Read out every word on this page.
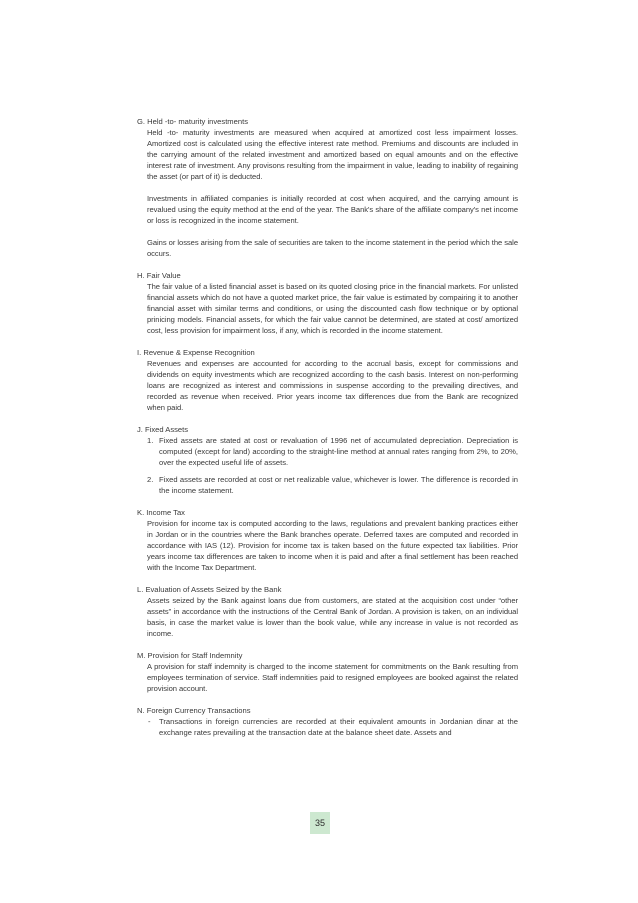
G. Held -to- maturity investments

Held -to- maturity investments are measured when acquired at amortized cost less impairment losses. Amortized cost is calculated using the effective interest rate method. Premiums and discounts are included in the carrying amount of the related investment and amortized based on equal amounts and on the effective interest rate of investment. Any provisons resulting from the impairment in value, leading to inability of regaining the asset (or part of it) is deducted.

Investments in affiliated companies is initially recorded at cost when acquired, and the carrying amount is revalued using the equity method at the end of the year. The Bank's share of the affiliate company's net income or loss is recognized in the income statement.

Gains or losses arising from the sale of securities are taken to the income statement in the period which the sale occurs.

H. Fair Value

The fair value of a listed financial asset is based on its quoted closing price in the financial markets. For unlisted financial assets which do not have a quoted market price, the fair value is estimated by compairing it to another financial asset with similar terms and conditions, or using the discounted cash flow technique or by optional prinicing models. Financial assets, for which the fair value cannot be determined, are stated at cost/ amortized cost, less provision for impairment loss, if any, which is recorded in the income statement.

I. Revenue & Expense Recognition

Revenues and expenses are accounted for according to the accrual basis, except for commissions and dividends on equity investments which are recognized according to the cash basis. Interest on non-performing loans are recognized as interest and commissions in suspense according to the prevailing directives, and recorded as revenue when received. Prior years income tax differences due from the Bank are recognized when paid.

J. Fixed Assets

1. Fixed assets are stated at cost or revaluation of 1996 net of accumulated depreciation. Depreciation is computed (except for land) according to the straight-line method at annual rates ranging from 2%, to 20%, over the expected useful life of assets.
2. Fixed assets are recorded at cost or net realizable value, whichever is lower. The difference is recorded in the income statement.

K. Income Tax

Provision for income tax is computed according to the laws, regulations and prevalent banking practices either in Jordan or in the countries where the Bank branches operate. Deferred taxes are computed and recorded in accordance with IAS (12). Provision for income tax is taken based on the future expected tax liabilities. Prior years income tax differences are taken to income when it is paid and after a final settlement has been reached with the Income Tax Department.

L. Evaluation of Assets Seized by the Bank

Assets seized by the Bank against loans due from customers, are stated at the acquisition cost under “other assets” in accordance with the instructions of the Central Bank of Jordan. A provision is taken, on an individual basis, in case the market value is lower than the book value, while any increase in value is not recorded as income.

M. Provision for Staff Indemnity

A provision for staff indemnity is charged to the income statement for commitments on the Bank resulting from employees termination of service. Staff indemnities paid to resigned employees are booked against the related provision account.

N. Foreign Currency Transactions

- Transactions in foreign currencies are recorded at their equivalent amounts in Jordanian dinar at the exchange rates prevailing at the transaction date at the balance sheet date. Assets and
35
